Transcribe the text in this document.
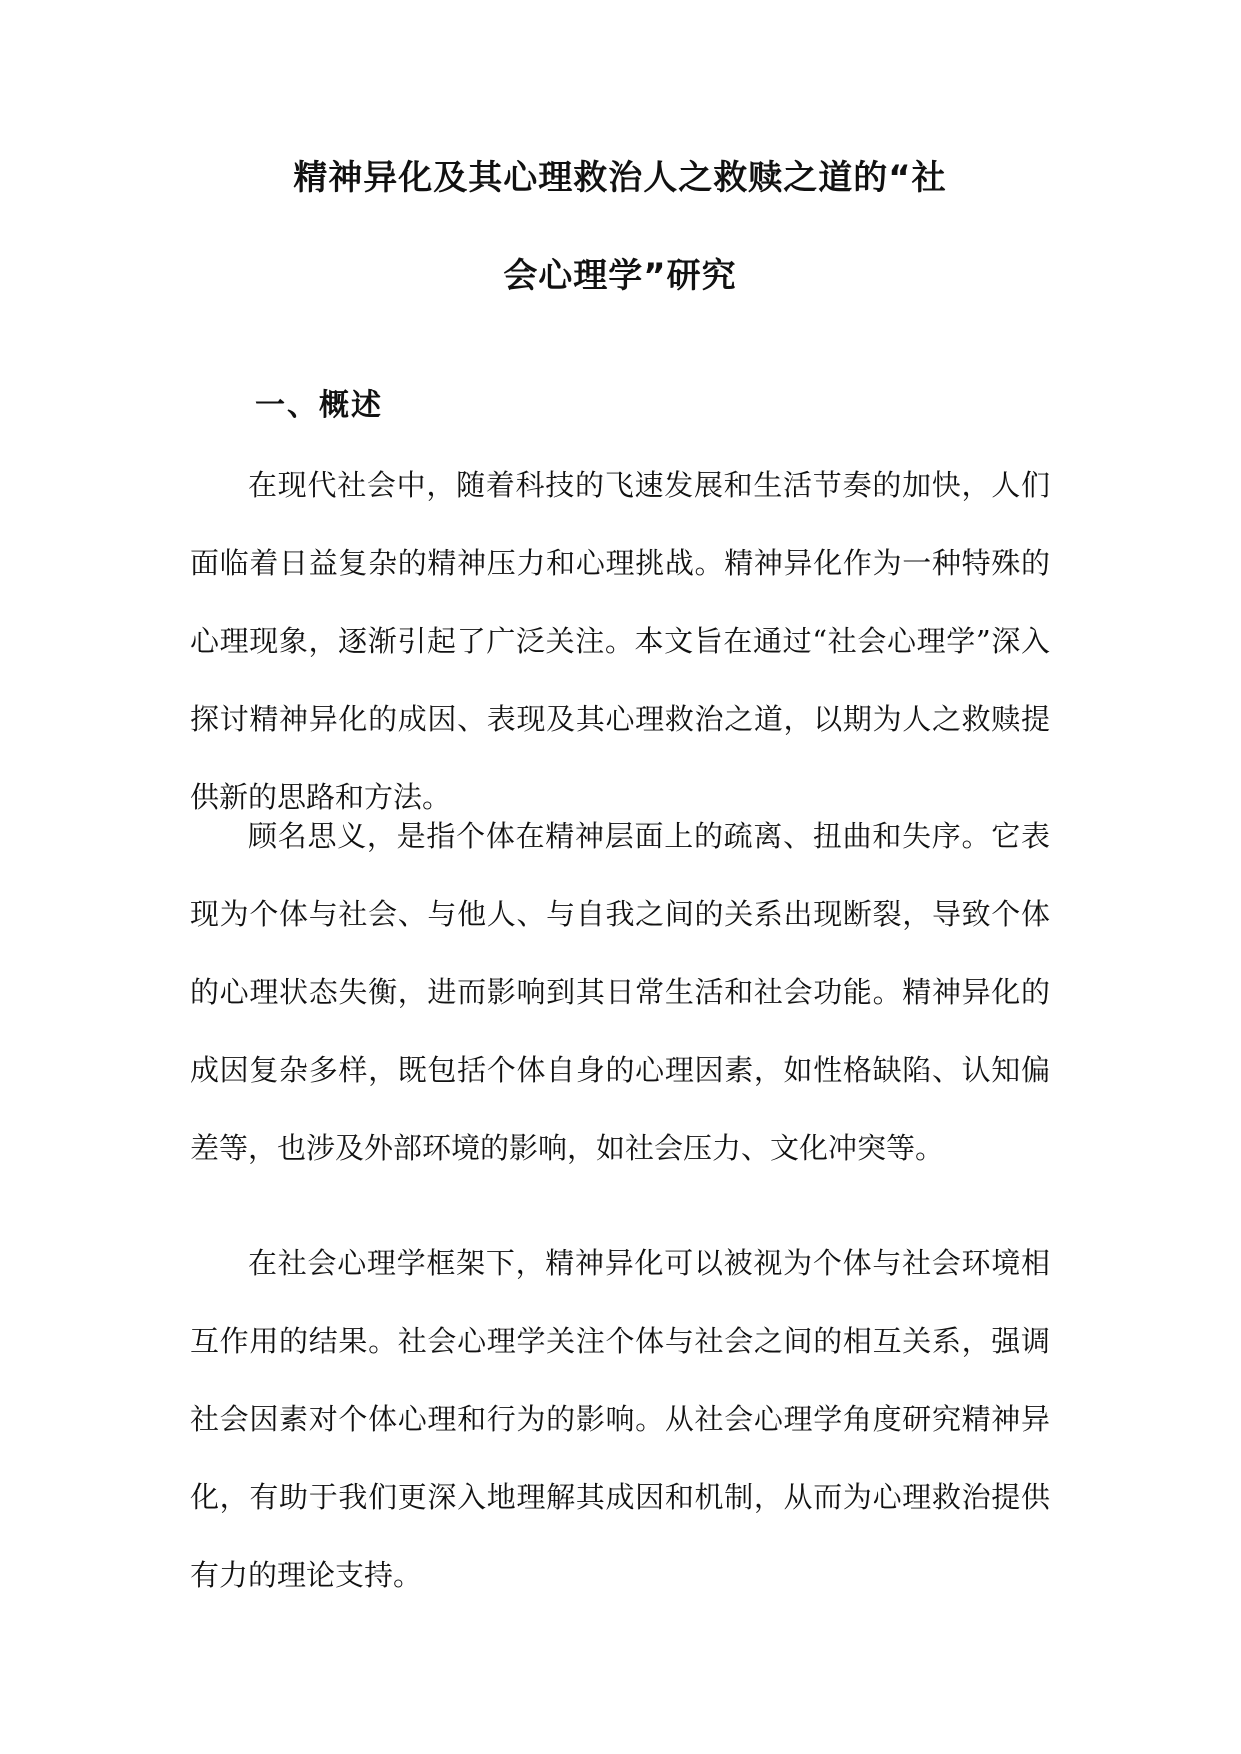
精神异化及其心理救治人之救赎之道的“社
会心理学”研究
一、概述

在现代社会中，随着科技的飞速发展和生活节奏的加快，人们面临着日益复杂的精神压力和心理挑战。精神异化作为一种特殊的心理现象，逐渐引起了广泛关注。本文旨在通过“社会心理学”深入探讨精神异化的成因、表现及其心理救治之道，以期为人之救赎提供新的思路和方法。

顾名思义，是指个体在精神层面上的疏离、扭曲和失序。它表现为个体与社会、与他人、与自我之间的关系出现断裂，导致个体的心理状态失衡，进而影响到其日常生活和社会功能。精神异化的成因复杂多样，既包括个体自身的心理因素，如性格缺陷、认知偏差等，也涉及外部环境的影响，如社会压力、文化冲突等。

在社会心理学框架下，精神异化可以被视为个体与社会环境相互作用的结果。社会心理学关注个体与社会之间的相互关系，强调社会因素对个体心理和行为的影响。从社会心理学角度研究精神异化，有助于我们更深入地理解其成因和机制，从而为心理救治提供有力的理论支持。
